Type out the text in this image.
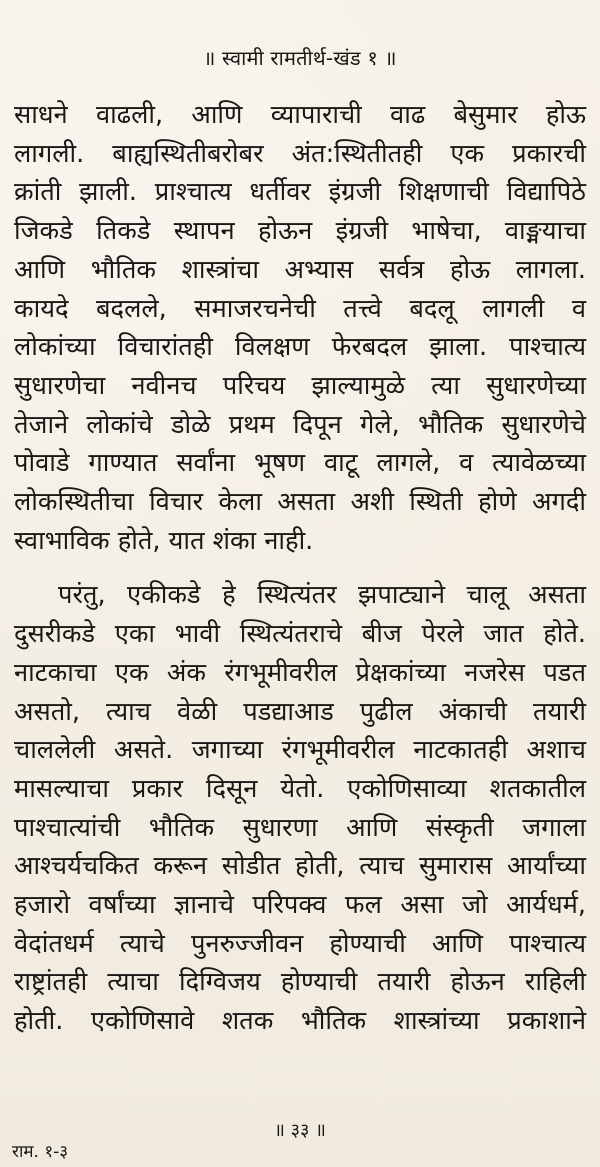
॥ स्वामी रामतीर्थ-खंड १ ॥
साधने वाढली, आणि व्यापाराची वाढ बेसुमार होऊ
लागली. बाह्यस्थितीबरोबर अंत:स्थितीतही एक प्रकारची
क्रांती झाली. प्राश्चात्य धर्तीवर इंग्रजी शिक्षणाची विद्यापिठे
जिकडे तिकडे स्थापन होऊन इंग्रजी भाषेचा, वाङ्मयाचा
आणि भौतिक शास्त्रांचा अभ्यास सर्वत्र होऊ लागला.
कायदे बदलले, समाजरचनेची तत्त्वे बदलू लागली व
लोकांच्या विचारांतही विलक्षण फेरबदल झाला. पाश्चात्य
सुधारणेचा नवीनच परिचय झाल्यामुळे त्या सुधारणेच्या
तेजाने लोकांचे डोळे प्रथम दिपून गेले, भौतिक सुधारणेचे
पोवाडे गाण्यात सर्वांना भूषण वाटू लागले, व त्यावेळच्या
लोकस्थितीचा विचार केला असता अशी स्थिती होणे अगदी
स्वाभाविक होते, यात शंका नाही.
परंतु, एकीकडे हे स्थित्यंतर झपाट्याने चालू असता
दुसरीकडे एका भावी स्थित्यंतराचे बीज पेरले जात होते.
नाटकाचा एक अंक रंगभूमीवरील प्रेक्षकांच्या नजरेस पडत
असतो, त्याच वेळी पडद्याआड पुढील अंकाची तयारी
चाललेली असते. जगाच्या रंगभूमीवरील नाटकातही अशाच
मासल्याचा प्रकार दिसून येतो. एकोणिसाव्या शतकातील
पाश्चात्यांची भौतिक सुधारणा आणि संस्कृती जगाला
आश्चर्यचकित करून सोडीत होती, त्याच सुमारास आर्यांच्या
हजारो वर्षांच्या ज्ञानाचे परिपक्व फल असा जो आर्यधर्म,
वेदांतधर्म त्याचे पुनरुज्जीवन होण्याची आणि पाश्चात्य
राष्ट्रांतही त्याचा दिग्विजय होण्याची तयारी होऊन राहिली
होती. एकोणिसावे शतक भौतिक शास्त्रांच्या प्रकाशाने
॥ ३३ ॥
राम. १-३
